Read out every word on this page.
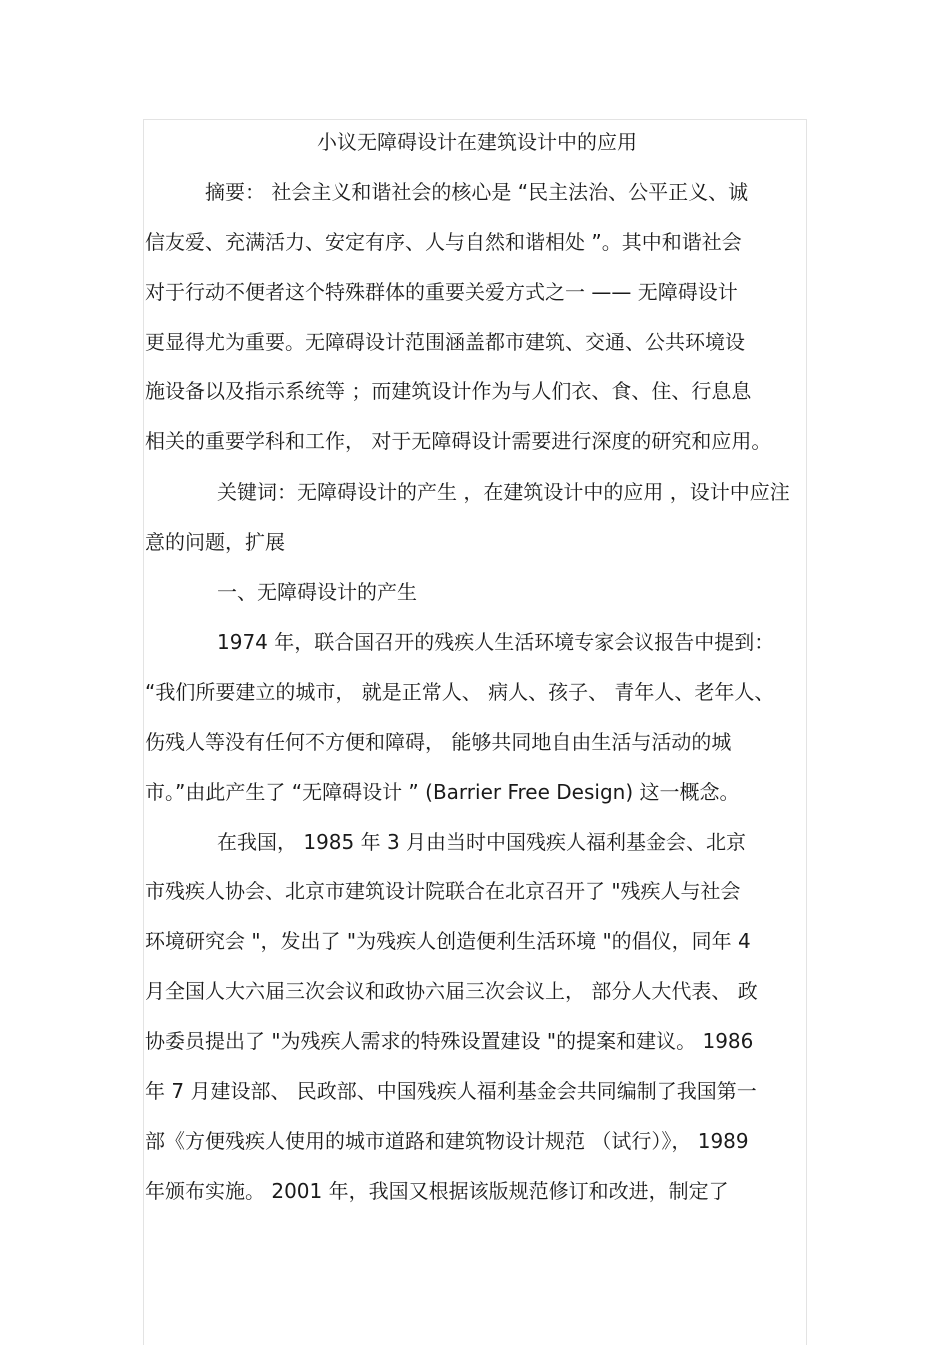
小议无障碍设计在建筑设计中的应用
摘要： 社会主义和谐社会的核心是 “民主法治、公平正义、诚
信友爱、充满活力、安定有序、人与自然和谐相处 ”。其中和谐社会
对于行动不便者这个特殊群体的重要关爱方式之一 —— 无障碍设计
更显得尤为重要。无障碍设计范围涵盖都市建筑、交通、公共环境设
施设备以及指示系统等 ；而建筑设计作为与人们衣、食、住、行息息
相关的重要学科和工作， 对于无障碍设计需要进行深度的研究和应用。
关键词：无障碍设计的产生 ，在建筑设计中的应用 ，设计中应注
意的问题，扩展
一、无障碍设计的产生
1974 年，联合国召开的残疾人生活环境专家会议报告中提到：
“我们所要建立的城市， 就是正常人、 病人、孩子、 青年人、老年人、
伤残人等没有任何不方便和障碍， 能够共同地自由生活与活动的城
市。”由此产生了 “无障碍设计 ” (Barrier Free Design) 这一概念。
在我国， 1985 年 3 月由当时中国残疾人福利基金会、北京
市残疾人协会、北京市建筑设计院联合在北京召开了 "残疾人与社会
环境研究会 "，发出了 "为残疾人创造便利生活环境 "的倡仪，同年 4
月全国人大六届三次会议和政协六届三次会议上， 部分人大代表、 政
协委员提出了 "为残疾人需求的特殊设置建设 "的提案和建议。 1986
年 7 月建设部、 民政部、中国残疾人福利基金会共同编制了我国第一
部《方便残疾人使用的城市道路和建筑物设计规范 （试行）》， 1989
年颁布实施。 2001 年，我国又根据该版规范修订和改进，制定了
